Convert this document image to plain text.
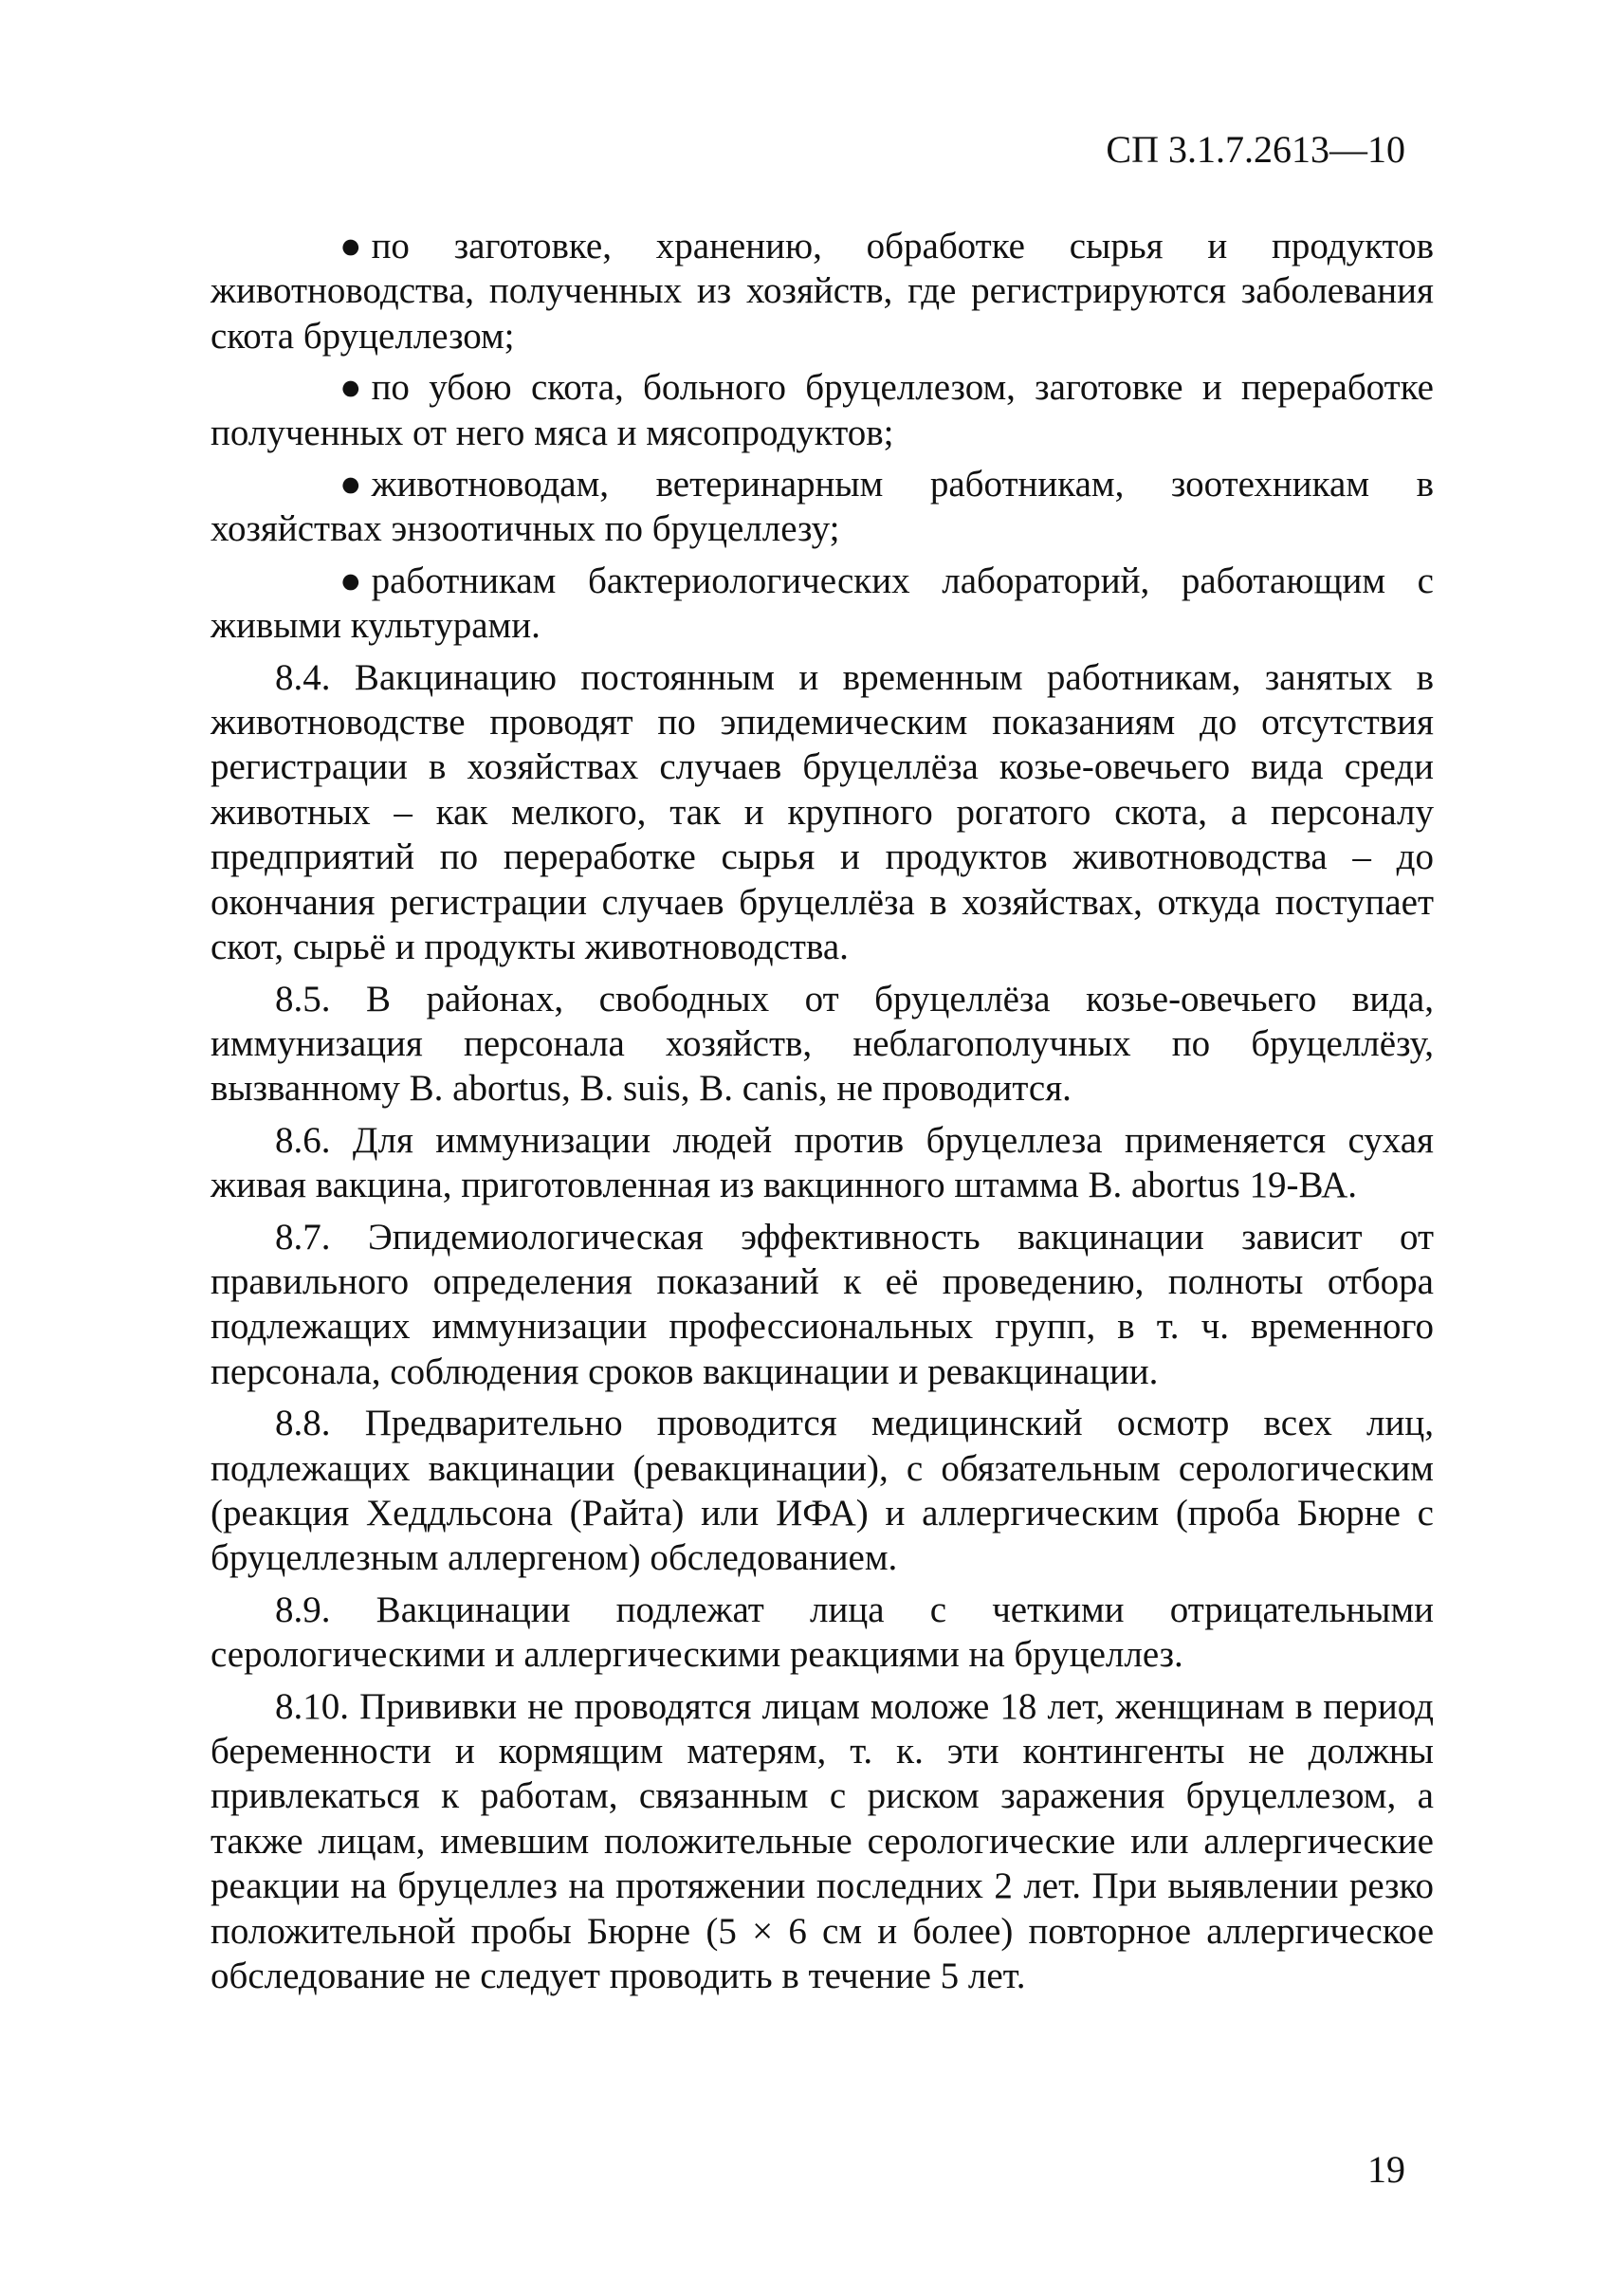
СП 3.1.7.2613—10

● по заготовке, хранению, обработке сырья и продуктов животноводства, полученных из хозяйств, где регистрируются заболевания скота бруцеллезом;

● по убою скота, больного бруцеллезом, заготовке и переработке полученных от него мяса и мясопродуктов;

● животноводам, ветеринарным работникам, зоотехникам в хозяйствах энзоотичных по бруцеллезу;

● работникам бактериологических лабораторий, работающим с живыми культурами.

8.4. Вакцинацию постоянным и временным работникам, занятых в животноводстве проводят по эпидемическим показаниям до отсутствия регистрации в хозяйствах случаев бруцеллёза козье-овечьего вида среди животных – как мелкого, так и крупного рогатого скота, а персоналу предприятий по переработке сырья и продуктов животноводства – до окончания регистрации случаев бруцеллёза в хозяйствах, откуда поступает скот, сырьё и продукты животноводства.

8.5. В районах, свободных от бруцеллёза козье-овечьего вида, иммунизация персонала хозяйств, неблагополучных по бруцеллёзу, вызванному B. abortus, B. suis, B. canis, не проводится.

8.6. Для иммунизации людей против бруцеллеза применяется сухая живая вакцина, приготовленная из вакцинного штамма B. abortus 19-ВА.

8.7. Эпидемиологическая эффективность вакцинации зависит от правильного определения показаний к её проведению, полноты отбора подлежащих иммунизации профессиональных групп, в т. ч. временного персонала, соблюдения сроков вакцинации и ревакцинации.

8.8. Предварительно проводится медицинский осмотр всех лиц, подлежащих вакцинации (ревакцинации), с обязательным серологическим (реакция Хеддльсона (Райта) или ИФА) и аллергическим (проба Бюрне с бруцеллезным аллергеном) обследованием.

8.9. Вакцинации подлежат лица с четкими отрицательными серологическими и аллергическими реакциями на бруцеллез.

8.10. Прививки не проводятся лицам моложе 18 лет, женщинам в период беременности и кормящим матерям, т. к. эти контингенты не должны привлекаться к работам, связанным с риском заражения бруцеллезом, а также лицам, имевшим положительные серологические или аллергические реакции на бруцеллез на протяжении последних 2 лет. При выявлении резко положительной пробы Бюрне (5 × 6 см и более) повторное аллергическое обследование не следует проводить в течение 5 лет.

19
